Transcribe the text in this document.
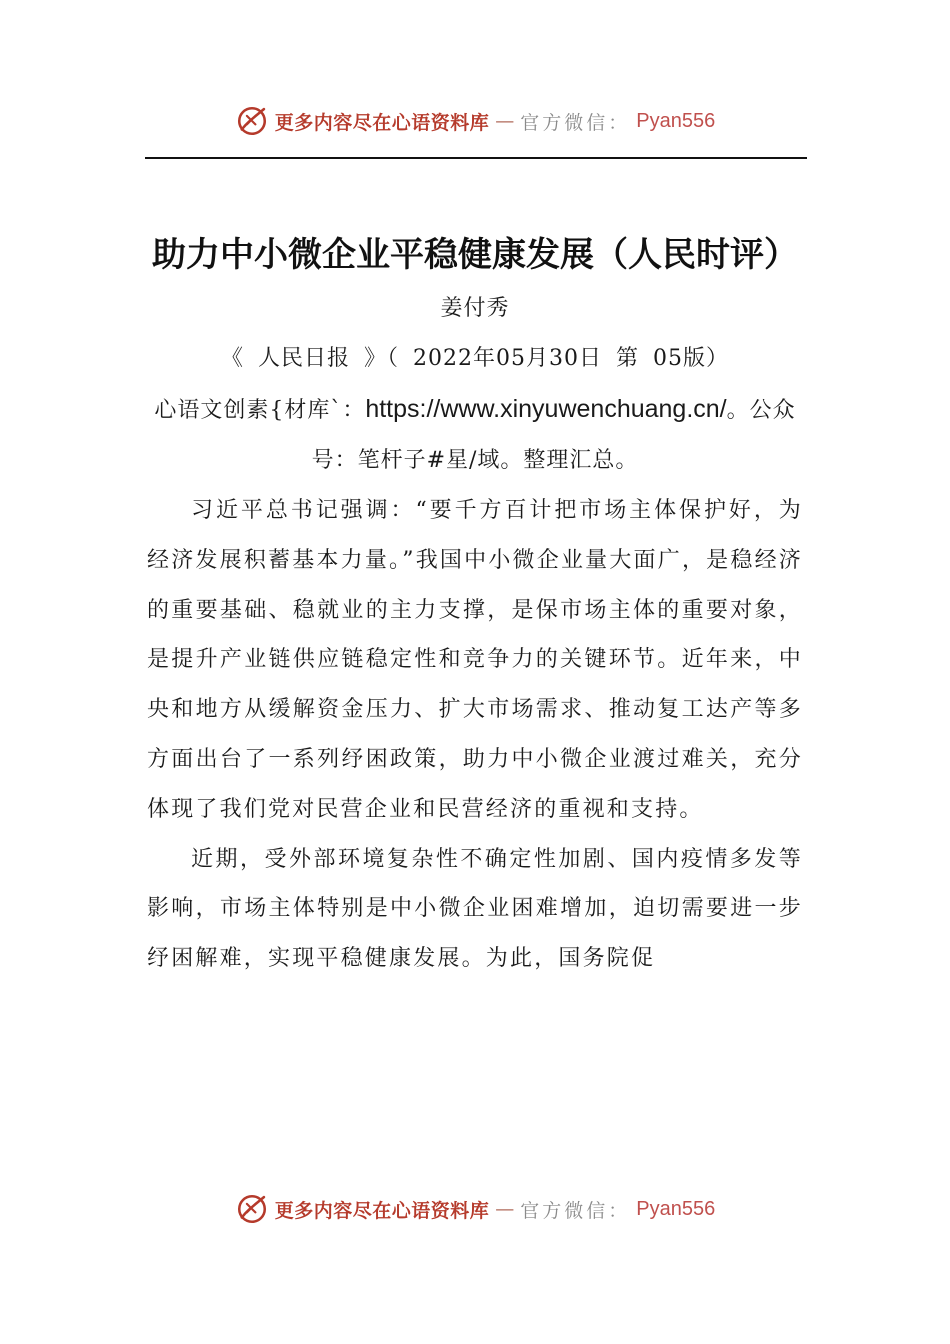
更多内容尽在心语资料库 — 官方微信： Pyan556
助力中小微企业平稳健康发展（人民时评）

姜付秀

《 人民日报 》（ 2022年05月30日 第 05版）

心语文创素{材库`：https://www.xinyuwenchuang.cn/。公众号：笔杆子#星/域。整理汇总。

习近平总书记强调：“要千方百计把市场主体保护好，为经济发展积蓄基本力量。”我国中小微企业量大面广，是稳经济的重要基础、稳就业的主力支撑，是保市场主体的重要对象，是提升产业链供应链稳定性和竞争力的关键环节。近年来，中央和地方从缓解资金压力、扩大市场需求、推动复工达产等多方面出台了一系列纾困政策，助力中小微企业渡过难关，充分体现了我们党对民营企业和民营经济的重视和支持。

近期，受外部环境复杂性不确定性加剧、国内疫情多发等影响，市场主体特别是中小微企业困难增加，迫切需要进一步纾困解难，实现平稳健康发展。为此，国务院促

更多内容尽在心语资料库 — 官方微信： Pyan556
